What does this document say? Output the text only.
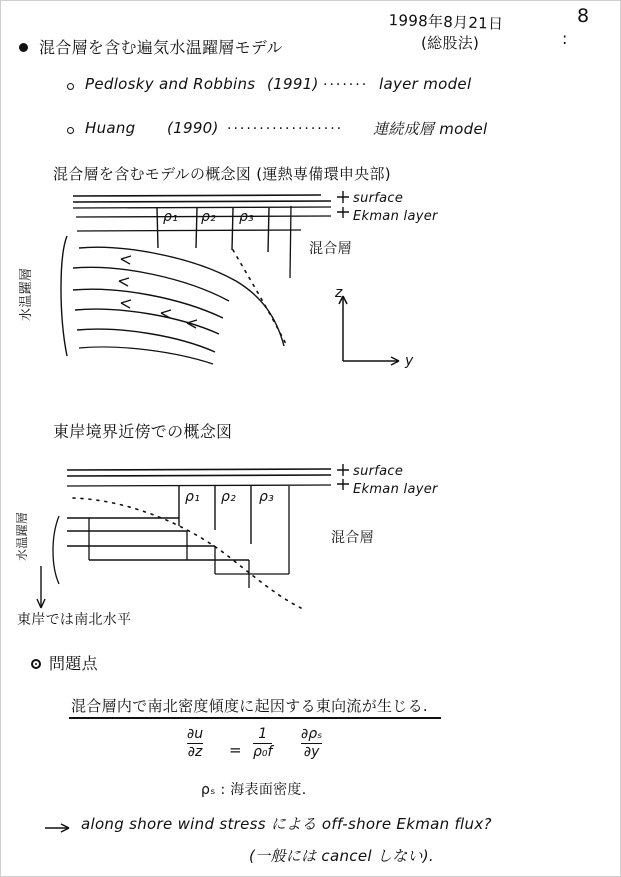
1998年8月21日
(総股法)
8
:
混合層を含む遍気水温躍層モデル
Pedlosky and Robbins (1991) ······· layer model
Huang (1990) ·················· 連続成層 model
混合層を含むモデルの概念図 (運熱専備環申央部)
surface
Ekman layer
混合層
水温躍層
ρ₁ ρ₂ ρ₃
z
y
東岸境界近傍での概念図
surface
Ekman layer
混合層
水温躍層
ρ₁ ρ₂ ρ₃
東岸では南北水平
問題点
混合層内で南北密度傾度に起因する東向流が生じる.
∂u
∂z =
1
ρ₀f
∂ρₛ
∂y
ρₛ : 海表面密度.
along shore wind stress による off-shore Ekman flux?
(一般には cancel しない).
